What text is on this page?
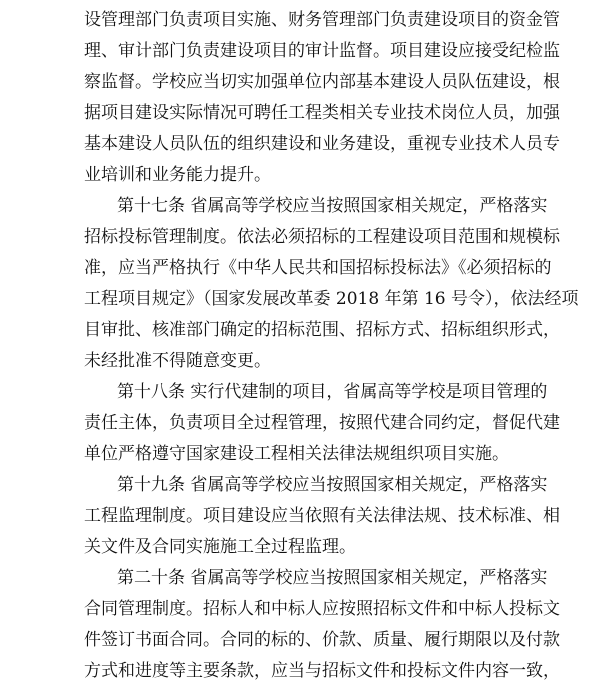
设管理部门负责项目实施、财务管理部门负责建设项目的资金管
理、审计部门负责建设项目的审计监督。项目建设应接受纪检监
察监督。学校应当切实加强单位内部基本建设人员队伍建设，根
据项目建设实际情况可聘任工程类相关专业技术岗位人员，加强
基本建设人员队伍的组织建设和业务建设，重视专业技术人员专
业培训和业务能力提升。
第十七条 省属高等学校应当按照国家相关规定，严格落实
招标投标管理制度。依法必须招标的工程建设项目范围和规模标
准，应当严格执行《中华人民共和国招标投标法》《必须招标的
工程项目规定》（国家发展改革委 2018 年第 16 号令），依法经项
目审批、核准部门确定的招标范围、招标方式、招标组织形式，
未经批准不得随意变更。
第十八条 实行代建制的项目，省属高等学校是项目管理的
责任主体，负责项目全过程管理，按照代建合同约定，督促代建
单位严格遵守国家建设工程相关法律法规组织项目实施。
第十九条 省属高等学校应当按照国家相关规定，严格落实
工程监理制度。项目建设应当依照有关法律法规、技术标准、相
关文件及合同实施施工全过程监理。
第二十条 省属高等学校应当按照国家相关规定，严格落实
合同管理制度。招标人和中标人应按照招标文件和中标人投标文
件签订书面合同。合同的标的、价款、质量、履行期限以及付款
方式和进度等主要条款，应当与招标文件和投标文件内容一致，
